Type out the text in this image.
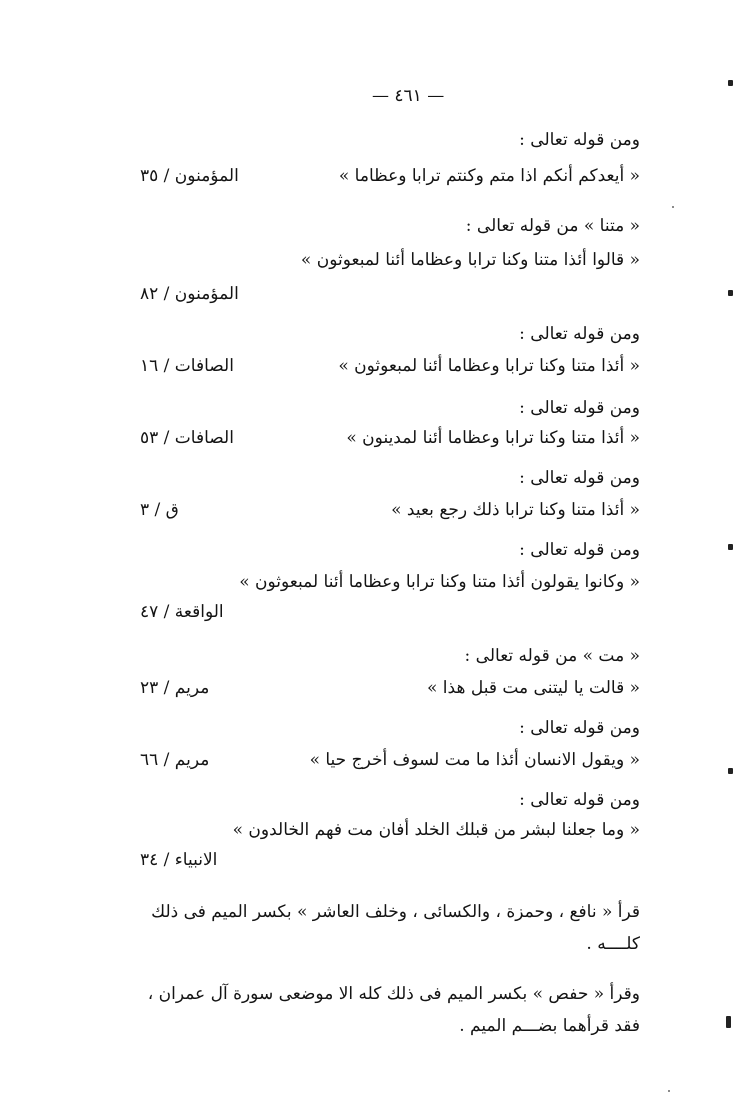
— ٤٦١ —
ومن قوله تعالى :
« أيعدكم أنكم اذا متم وكنتم ترابا وعظاما »
المؤمنون / ٣٥
« متنا » من قوله تعالى :
« قالوا أئذا متنا وكنا ترابا وعظاما أئنا لمبعوثون »
المؤمنون / ٨٢
ومن قوله تعالى :
« أئذا متنا وكنا ترابا وعظاما أئنا لمبعوثون »
الصافات / ١٦
ومن قوله تعالى :
« أئذا متنا وكنا ترابا وعظاما أئنا لمدينون »
الصافات / ٥٣
ومن قوله تعالى :
« أئذا متنا وكنا ترابا ذلك رجع بعيد »
ق / ٣
ومن قوله تعالى :
« وكانوا يقولون أئذا متنا وكنا ترابا وعظاما أئنا لمبعوثون »
الواقعة / ٤٧
« مت » من قوله تعالى :
« قالت يا ليتنى مت قبل هذا »
مريم / ٢٣
ومن قوله تعالى :
« ويقول الانسان أئذا ما مت لسوف أخرج حيا »
مريم / ٦٦
ومن قوله تعالى :
« وما جعلنا لبشر من قبلك الخلد أفان مت فهم الخالدون »
الانبياء / ٣٤
قرأ « نافع ، وحمزة ، والكسائى ، وخلف العاشر » بكسر الميم فى ذلك
كلــــه .
وقرأ « حفص » بكسر الميم فى ذلك كله الا موضعى سورة آل عمران ،
فقد قرأهما بضـــم الميم .
